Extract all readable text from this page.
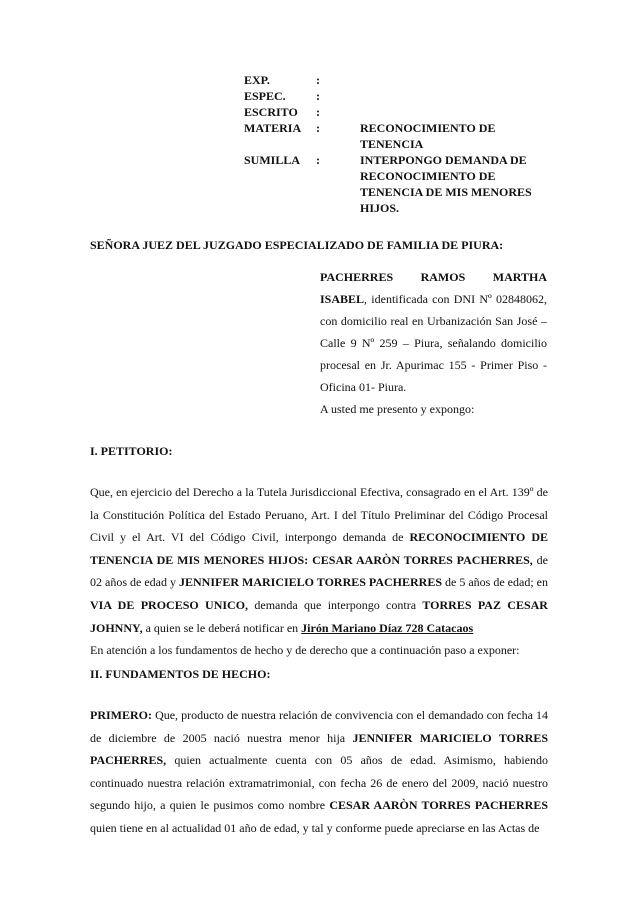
EXP.	:	
ESPEC.	:	
ESCRITO	:	
MATERIA	:	RECONOCIMIENTO DE TENENCIA
SUMILLA	:	INTERPONGO DEMANDA DE RECONOCIMIENTO DE TENENCIA DE MIS MENORES HIJOS.
SEÑORA JUEZ DEL JUZGADO ESPECIALIZADO DE FAMILIA DE PIURA:
PACHERRES RAMOS MARTHA ISABEL, identificada con DNI Nº 02848062, con domicilio real en Urbanización San José – Calle 9 Nº 259 – Piura, señalando domicilio procesal en Jr. Apurimac 155 - Primer Piso - Oficina 01- Piura.
A usted me presento y expongo:
I. PETITORIO:
Que, en ejercicio del Derecho a la Tutela Jurisdiccional Efectiva, consagrado en el Art. 139º de la Constitución Política del Estado Peruano, Art. I del Título Preliminar del Código Procesal Civil y el Art. VI del Código Civil, interpongo demanda de RECONOCIMIENTO DE TENENCIA DE MIS MENORES HIJOS: CESAR AARÒN TORRES PACHERRES, de 02 años de edad y JENNIFER MARICIELO TORRES PACHERRES de 5 años de edad; en VIA DE PROCESO UNICO, demanda que interpongo contra TORRES PAZ CESAR JOHNNY, a quien se le deberá notificar en Jirón Mariano Díaz 728 Catacaos
En atención a los fundamentos de hecho y de derecho que a continuación paso a exponer:
II. FUNDAMENTOS DE HECHO:
PRIMERO: Que, producto de nuestra relación de convivencia con el demandado con fecha 14 de diciembre de 2005 nació nuestra menor hija JENNIFER MARICIELO TORRES PACHERRES, quien actualmente cuenta con 05 años de edad. Asimismo, habiendo continuado nuestra relación extramatrimonial, con fecha 26 de enero del 2009, nació nuestro segundo hijo, a quien le pusimos como nombre CESAR AARÒN TORRES PACHERRES quien tiene en al actualidad 01 año de edad, y tal y conforme puede apreciarse en las Actas de
